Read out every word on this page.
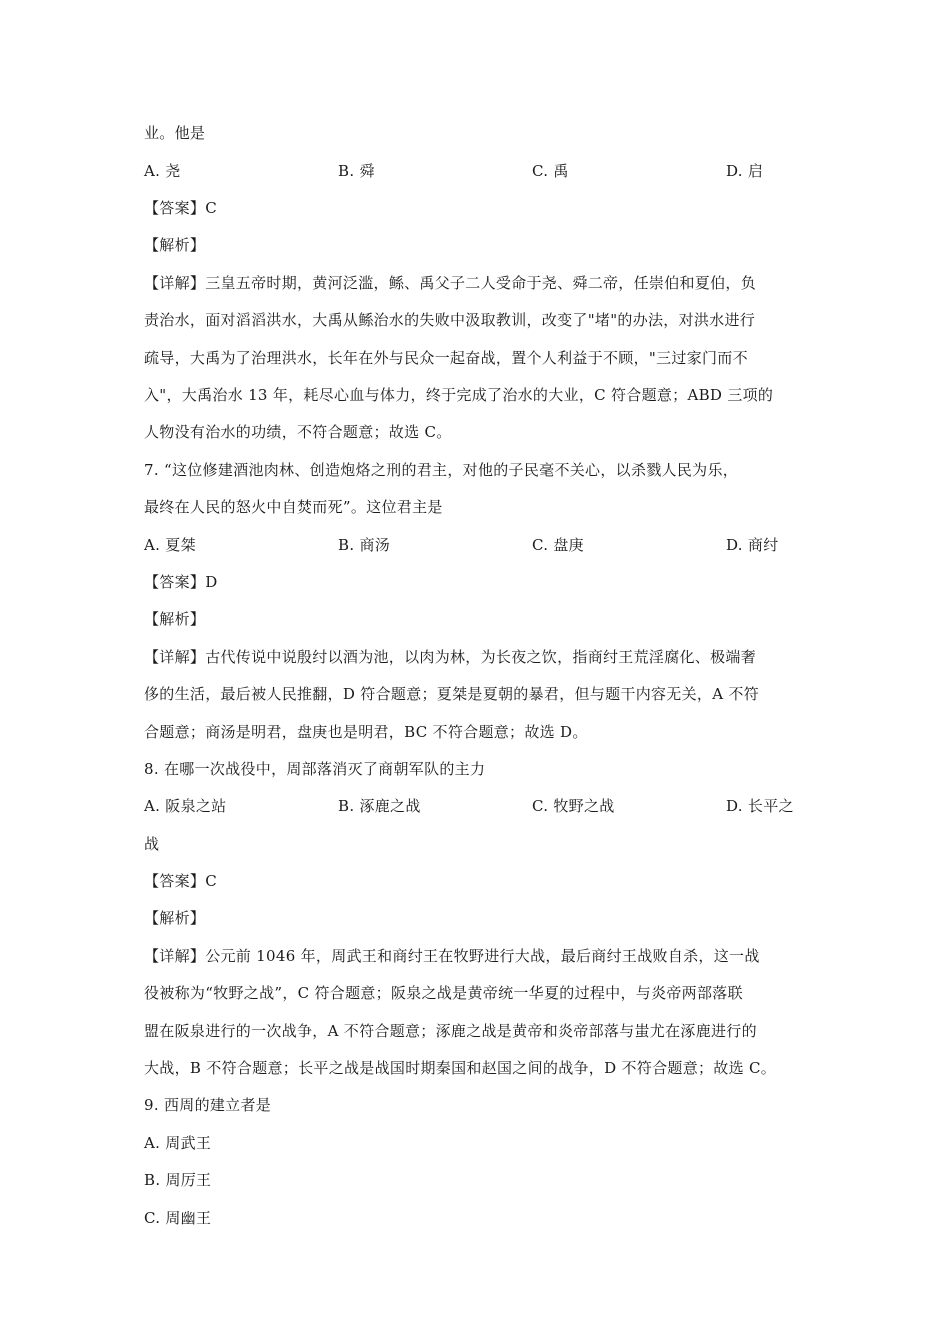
业。他是
A. 尧	B. 舜	C. 禹	D. 启
【答案】C
【解析】
【详解】三皇五帝时期，黄河泛滥，鲧、禹父子二人受命于尧、舜二帝，任崇伯和夏伯，负
责治水，面对滔滔洪水，大禹从鲧治水的失败中汲取教训，改变了"堵"的办法，对洪水进行
疏导，大禹为了治理洪水，长年在外与民众一起奋战，置个人利益于不顾，"三过家门而不
入"，大禹治水 13 年，耗尽心血与体力，终于完成了治水的大业，C 符合题意；ABD 三项的
人物没有治水的功绩，不符合题意；故选 C。
7. “这位修建酒池肉林、创造炮烙之刑的君主，对他的子民毫不关心，以杀戮人民为乐，
最终在人民的怒火中自焚而死”。这位君主是
A. 夏桀	B. 商汤	C. 盘庚	D. 商纣
【答案】D
【解析】
【详解】古代传说中说殷纣以酒为池，以肉为林，为长夜之饮，指商纣王荒淫腐化、极端奢
侈的生活，最后被人民推翻，D 符合题意；夏桀是夏朝的暴君，但与题干内容无关，A 不符
合题意；商汤是明君，盘庚也是明君，BC 不符合题意；故选 D。
8. 在哪一次战役中，周部落消灭了商朝军队的主力
A. 阪泉之站	B. 涿鹿之战	C. 牧野之战	D. 长平之
战
【答案】C
【解析】
【详解】公元前 1046 年，周武王和商纣王在牧野进行大战，最后商纣王战败自杀，这一战
役被称为“牧野之战”，C 符合题意；阪泉之战是黄帝统一华夏的过程中，与炎帝两部落联
盟在阪泉进行的一次战争，A 不符合题意；涿鹿之战是黄帝和炎帝部落与蚩尤在涿鹿进行的
大战，B 不符合题意；长平之战是战国时期秦国和赵国之间的战争，D 不符合题意；故选 C。
9. 西周的建立者是
A. 周武王
B. 周厉王
C. 周幽王
